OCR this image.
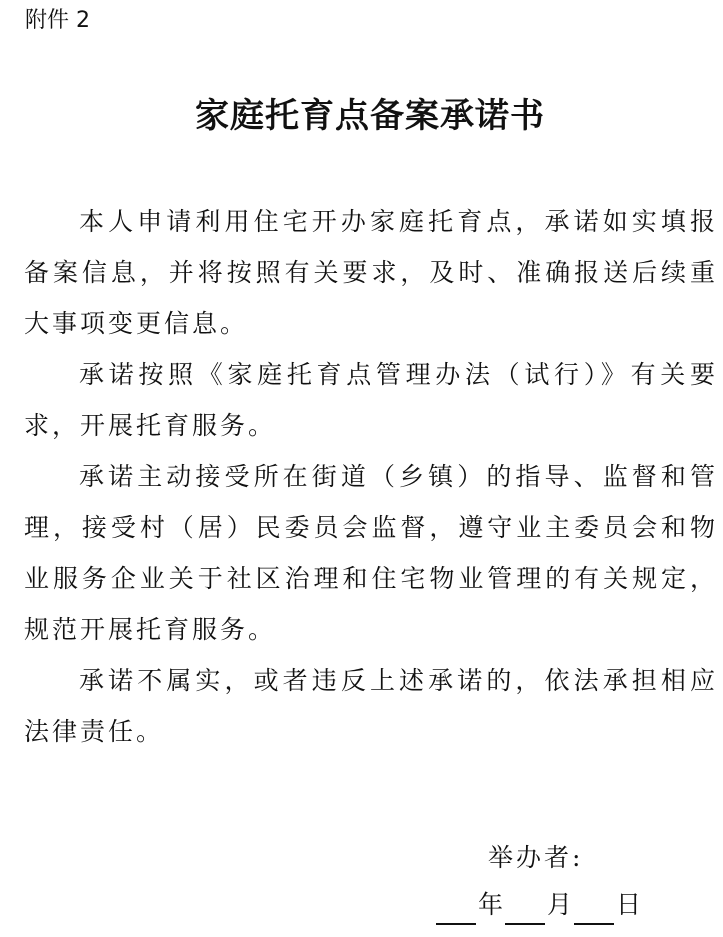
附件 2
家庭托育点备案承诺书

本人申请利用住宅开办家庭托育点，承诺如实填报备案信息，并将按照有关要求，及时、准确报送后续重大事项变更信息。

承诺按照《家庭托育点管理办法（试行）》有关要求，开展托育服务。

承诺主动接受所在街道（乡镇）的指导、监督和管理，接受村（居）民委员会监督，遵守业主委员会和物业服务企业关于社区治理和住宅物业管理的有关规定，规范开展托育服务。

承诺不属实，或者违反上述承诺的，依法承担相应法律责任。

举办者:
年 月 日
